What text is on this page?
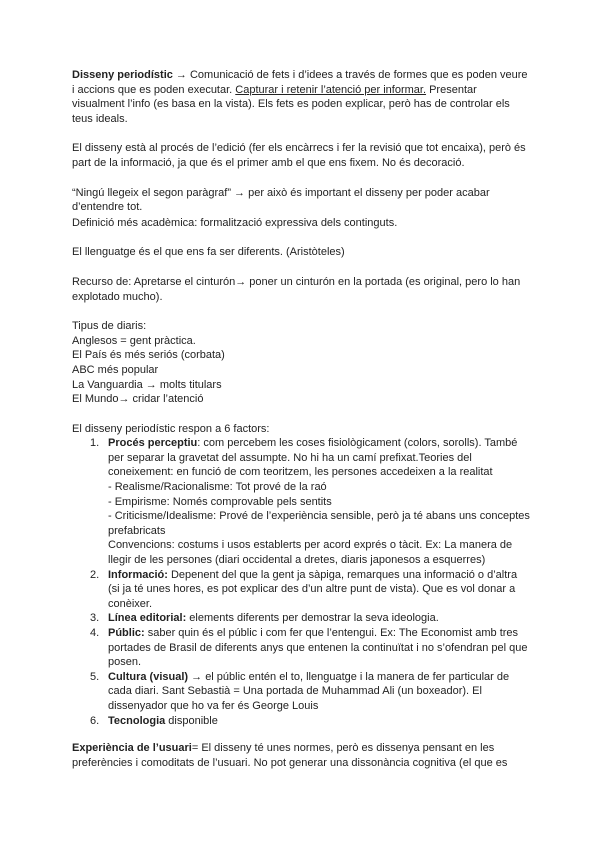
Disseny periodístic → Comunicació de fets i d’idees a través de formes que es poden veure i accions que es poden executar. Capturar i retenir l’atenció per informar. Presentar visualment l’info (es basa en la vista). Els fets es poden explicar, però has de controlar els teus ideals.

El disseny està al procés de l’edició (fer els encàrrecs i fer la revisió que tot encaixa), però és part de la informació, ja que és el primer amb el que ens fixem. No és decoració.

“Ningú llegeix el segon paràgraf” → per això és important el disseny per poder acabar d’entendre tot.

Definició més acadèmica: formalització expressiva dels continguts.

El llenguatge és el que ens fa ser diferents. (Aristòteles)

Recurso de: Apretarse el cinturón→ poner un cinturón en la portada (es original, pero lo han explotado mucho).

Tipus de diaris:

Anglesos = gent pràctica.

El País és més seriós (corbata)

ABC més popular

La Vanguardia → molts titulars

El Mundo→ cridar l’atenció

El disseny periodístic respon a 6 factors:

1. Procés perceptiu: com percebem les coses fisiològicament (colors, sorolls). També per separar la gravetat del assumpte. No hi ha un camí prefixat.Teories del coneixement: en funció de com teoritzem, les persones accedeixen a la realitat
- Realisme/Racionalisme: Tot prové de la raó
- Empirisme: Només comprovable pels sentits
- Criticisme/Idealisme: Prové de l’experiència sensible, però ja té abans uns conceptes prefabricats
Convencions: costums i usos establerts per acord exprés o tàcit. Ex: La manera de llegir de les persones (diari occidental a dretes, diaris japonesos a esquerres)
2. Informació: Depenent del que la gent ja sàpiga, remarques una informació o d’altra (si ja té unes hores, es pot explicar des d’un altre punt de vista). Que es vol donar a conèixer.
3. Línea editorial: elements diferents per demostrar la seva ideologia.
4. Públic: saber quin és el públic i com fer que l’entengui. Ex: The Economist amb tres portades de Brasil de diferents anys que entenen la continuïtat i no s’ofendran pel que posen.
5. Cultura (visual) → el públic entén el to, llenguatge i la manera de fer particular de cada diari. Sant Sebastià = Una portada de Muhammad Ali (un boxeador). El dissenyador que ho va fer és George Louis
6. Tecnologia disponible

Experiència de l’usuari= El disseny té unes normes, però es dissenya pensant en les preferències i comoditats de l’usuari. No pot generar una dissonància cognitiva (el que es
